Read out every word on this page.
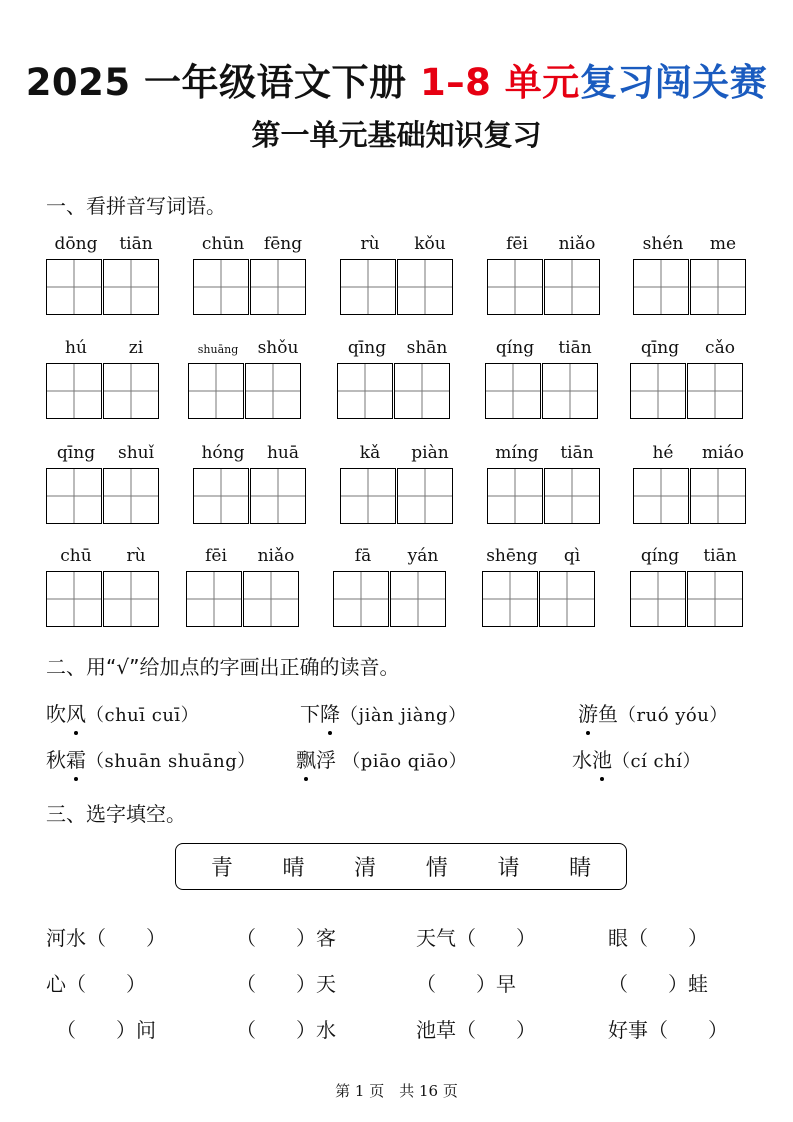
2025 一年级语文下册 1–8 单元复习闯关赛
第一单元基础知识复习
一、看拼音写词语。
dōng	tiān	chūn	fēng	rù	kǒu	fēi	niǎo	shén	me
hú	zi	shuāng	shǒu	qīng	shān	qíng	tiān	qīng	cǎo
qīng	shuǐ	hóng	huā	kǎ	piàn	míng	tiān	hé	miáo
chū	rù	fēi	niǎo	fā	yán	shēng	qì	qíng	tiān
二、用“√”给加点的字画出正确的读音。
吹风（chuī cuī）	下降（jiàn jiàng）	游鱼（ruó yóu）
秋霜（shuān shuāng） 飘浮 （piāo qiāo）	水池（cí chí）
三、选字填空。
青 晴 清 情 请 睛
河水（　　）	（　　）客	天气（　　）	眼（　　）
心（　　）	（　　）天	（　　）早	（　　）蛙
（　　）问	（　　）水	池草（　　）	好事（　　）
第 1 页　共 16 页
